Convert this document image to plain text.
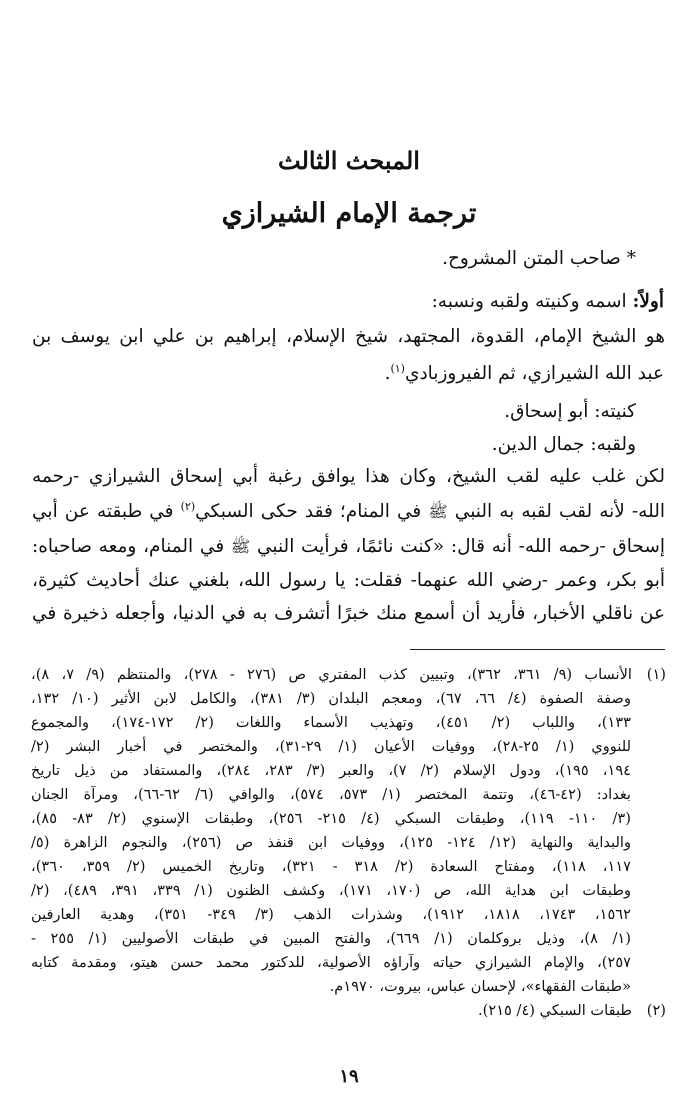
المبحث الثالث
ترجمة الإمام الشيرازي
* صاحب المتن المشروح.
أولاً: اسمه وكنيته ولقبه ونسبه:
هو الشيخ الإمام، القدوة، المجتهد، شيخ الإسلام، إبراهيم بن علي ابن يوسف بن
عبد الله الشيرازي، ثم الفيروزبادي$^{(١)}$.
كنيته: أبو إسحاق.
ولقبه: جمال الدين.
لكن غلب عليه لقب الشيخ، وكان هذا يوافق رغبة أبي إسحاق الشيرازي -رحمه
الله- لأنه لقب لقبه به النبي ﷺ في المنام؛ فقد حكى السبكي$^{(٢)}$ في طبقته عن أبي
إسحاق -رحمه الله- أنه قال: «كنت نائمًا، فرأيت النبي ﷺ في المنام، ومعه صاحباه:
أبو بكر، وعمر -رضي الله عنهما- فقلت: يا رسول الله، بلغني عنك أحاديث كثيرة،
عن ناقلي الأخبار، فأريد أن أسمع منك خبرًا أتشرف به في الدنيا، وأجعله ذخيرة في
(١)الأنساب (٩/ ٣٦١، ٣٦٢)، وتبيين كذب المفتري ص (٢٧٦ - ٢٧٨)، والمنتظم (٩/ ٧، ٨)،
وصفة الصفوة (٤/ ٦٦، ٦٧)، ومعجم البلدان (٣/ ٣٨١)، والكامل لابن الأثير (١٠/ ١٣٢،
١٣٣)، واللباب (٢/ ٤٥١)، وتهذيب الأسماء واللغات (٢/ ١٧٢-١٧٤)، والمجموع
للنووي (١/ ٢٥-٢٨)، ووفيات الأعيان (١/ ٢٩-٣١)، والمختصر في أخبار البشر (٢/
١٩٤، ١٩٥)، ودول الإسلام (٢/ ٧)، والعبر (٣/ ٢٨٣، ٢٨٤)، والمستفاد من ذيل تاريخ
بغداد: (٤٢-٤٦)، وتتمة المختصر (١/ ٥٧٣، ٥٧٤)، والوافي (٦/ ٦٢-٦٦)، ومرآة الجنان
(٣/ ١١٠- ١١٩)، وطبقات السبكي (٤/ ٢١٥- ٢٥٦)، وطبقات الإسنوي (٢/ ٨٣- ٨٥)،
والبداية والنهاية (١٢/ ١٢٤- ١٢٥)، ووفيات ابن قنفذ ص (٢٥٦)، والنجوم الزاهرة (٥/
١١٧، ١١٨)، ومفتاح السعادة (٢/ ٣١٨ - ٣٢١)، وتاريخ الخميس (٢/ ٣٥٩، ٣٦٠)،
وطبقات ابن هداية الله، ص (١٧٠، ١٧١)، وكشف الظنون (١/ ٣٣٩، ٣٩١، ٤٨٩)، (٢/
١٥٦٢، ١٧٤٣، ١٨١٨، ١٩١٢)، وشذرات الذهب (٣/ ٣٤٩- ٣٥١)، وهدية العارفين
(١/ ٨)، وذيل بروكلمان (١/ ٦٦٩)، والفتح المبين في طبقات الأصوليين (١/ ٢٥٥ -
٢٥٧)، والإمام الشيرازي حياته وآراؤه الأصولية، للدكتور محمد حسن هيتو، ومقدمة كتابه
«طبقات الفقهاء»، لإحسان عباس، بيروت، ١٩٧٠م.
(٢)طبقات السبكي (٤/ ٢١٥).
١٩
